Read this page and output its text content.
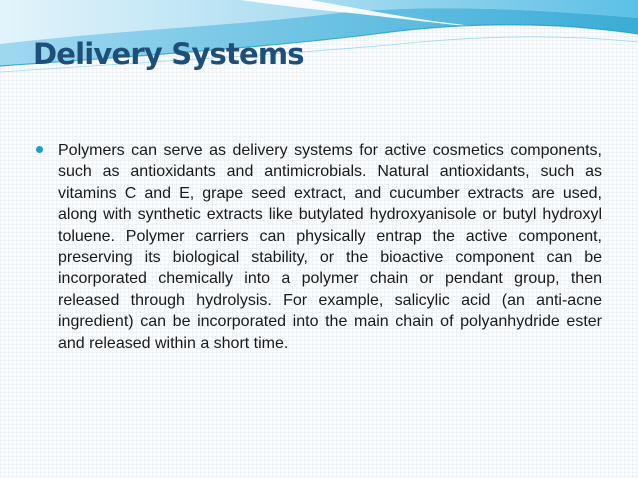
Delivery Systems

Polymers can serve as delivery systems for active cosmetics components, such as antioxidants and antimicrobials. Natural antioxidants, such as vitamins C and E, grape seed extract, and cucumber extracts are used, along with synthetic extracts like butylated hydroxyanisole or butyl hydroxyl toluene. Polymer carriers can physically entrap the active component, preserving its biological stability, or the bioactive component can be incorporated chemically into a polymer chain or pendant group, then released through hydrolysis. For example, salicylic acid (an anti-acne ingredient) can be incorporated into the main chain of polyanhydride ester and released within a short time.
